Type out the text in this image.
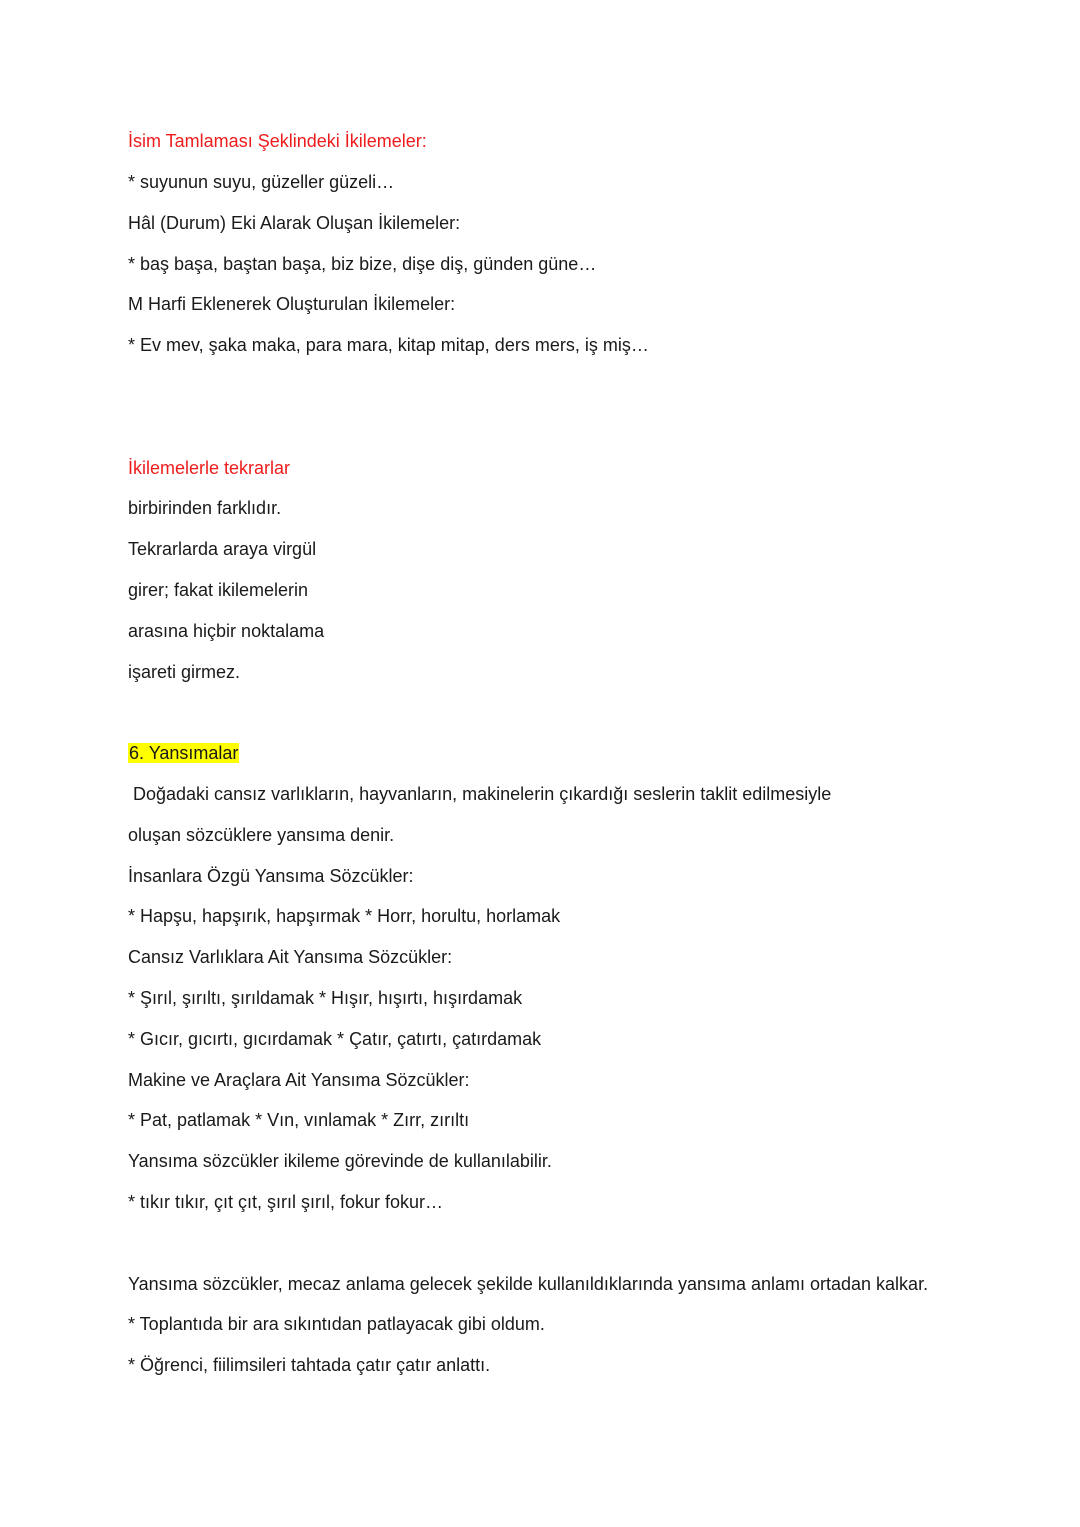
İsim Tamlaması Şeklindeki İkilemeler:
* suyunun suyu, güzeller güzeli…
Hâl (Durum) Eki Alarak Oluşan İkilemeler:
* baş başa, baştan başa, biz bize, dişe diş, günden güne…
M Harfi Eklenerek Oluşturulan İkilemeler:
* Ev mev, şaka maka, para mara, kitap mitap, ders mers, iş miş…
İkilemelerle tekrarlar
birbirinden farklıdır.
Tekrarlarda araya virgül
girer; fakat ikilemelerin
arasına hiçbir noktalama
işareti girmez.
6. Yansımalar
Doğadaki cansız varlıkların, hayvanların, makinelerin çıkardığı seslerin taklit edilmesiyle
oluşan sözcüklere yansıma denir.
İnsanlara Özgü Yansıma Sözcükler:
* Hapşu, hapşırık, hapşırmak * Horr, horultu, horlamak
Cansız Varlıklara Ait Yansıma Sözcükler:
* Şırıl, şırıltı, şırıldamak * Hışır, hışırtı, hışırdamak
* Gıcır, gıcırtı, gıcırdamak * Çatır, çatırtı, çatırdamak
Makine ve Araçlara Ait Yansıma Sözcükler:
* Pat, patlamak * Vın, vınlamak * Zırr, zırıltı
Yansıma sözcükler ikileme görevinde de kullanılabilir.
* tıkır tıkır, çıt çıt, şırıl şırıl, fokur fokur…
Yansıma sözcükler, mecaz anlama gelecek şekilde kullanıldıklarında yansıma anlamı ortadan kalkar.
* Toplantıda bir ara sıkıntıdan patlayacak gibi oldum.
* Öğrenci, fiilimsileri tahtada çatır çatır anlattı.
